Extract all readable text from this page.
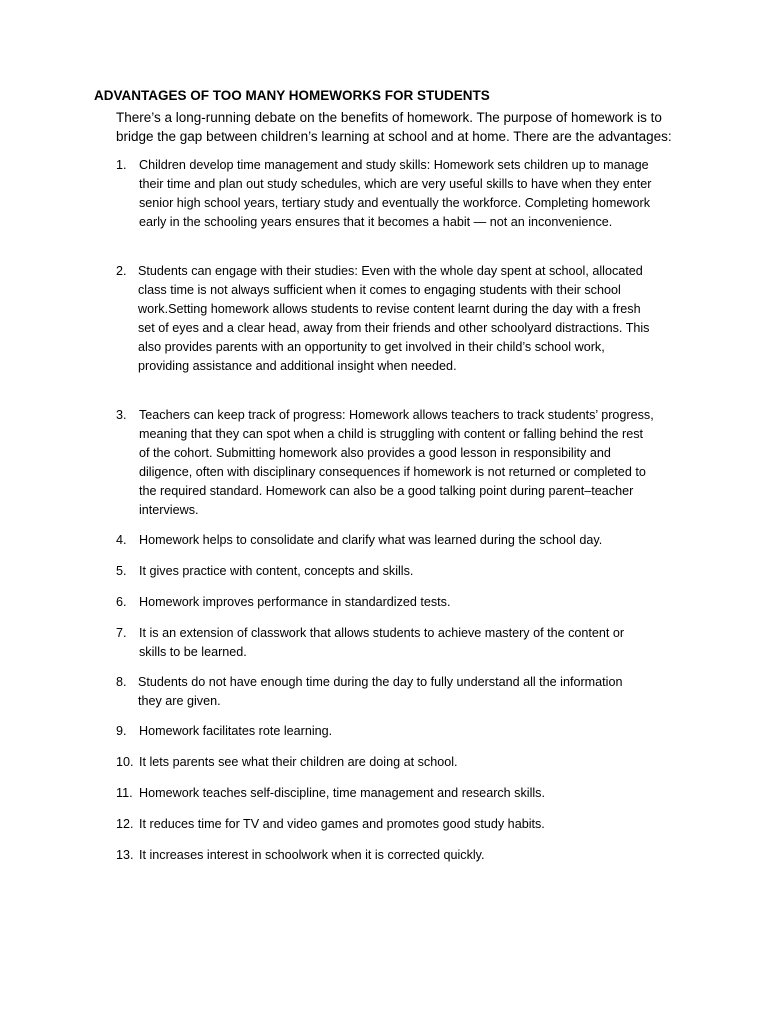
ADVANTAGES OF TOO MANY HOMEWORKS FOR STUDENTS
There’s a long-running debate on the benefits of homework. The purpose of homework is to
bridge the gap between children’s learning at school and at home. There are the advantages:
1. Children develop time management and study skills: Homework sets children up to manage
their time and plan out study schedules, which are very useful skills to have when they enter
senior high school years, tertiary study and eventually the workforce. Completing homework
early in the schooling years ensures that it becomes a habit — not an inconvenience.
2. Students can engage with their studies: Even with the whole day spent at school, allocated
class time is not always sufficient when it comes to engaging students with their school
work.Setting homework allows students to revise content learnt during the day with a fresh
set of eyes and a clear head, away from their friends and other schoolyard distractions. This
also provides parents with an opportunity to get involved in their child’s school work,
providing assistance and additional insight when needed.
3. Teachers can keep track of progress: Homework allows teachers to track students’ progress,
meaning that they can spot when a child is struggling with content or falling behind the rest
of the cohort. Submitting homework also provides a good lesson in responsibility and
diligence, often with disciplinary consequences if homework is not returned or completed to
the required standard. Homework can also be a good talking point during parent–teacher
interviews.
4. Homework helps to consolidate and clarify what was learned during the school day.
5. It gives practice with content, concepts and skills.
6. Homework improves performance in standardized tests.
7. It is an extension of classwork that allows students to achieve mastery of the content or
skills to be learned.
8. Students do not have enough time during the day to fully understand all the information
they are given.
9. Homework facilitates rote learning.
10. It lets parents see what their children are doing at school.
11. Homework teaches self-discipline, time management and research skills.
12. It reduces time for TV and video games and promotes good study habits.
13. It increases interest in schoolwork when it is corrected quickly.
